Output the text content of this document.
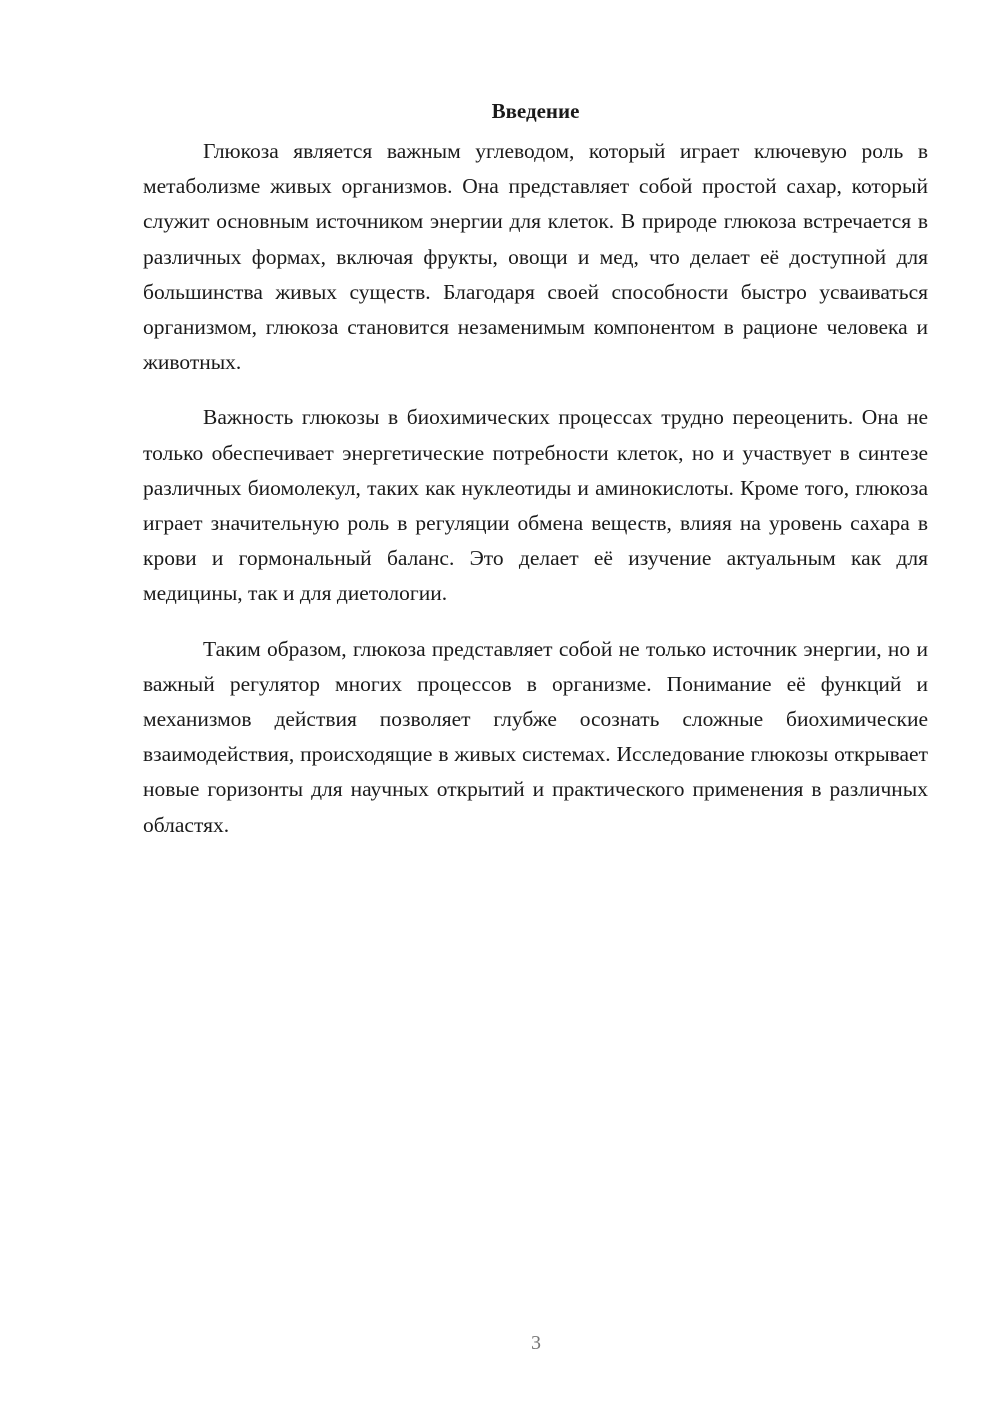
Введение

Глюкоза является важным углеводом, который играет ключевую роль в метаболизме живых организмов. Она представляет собой простой сахар, который служит основным источником энергии для клеток. В природе глюкоза встречается в различных формах, включая фрукты, овощи и мед, что делает её доступной для большинства живых существ. Благодаря своей способности быстро усваиваться организмом, глюкоза становится незаменимым компонентом в рационе человека и животных.

Важность глюкозы в биохимических процессах трудно переоценить. Она не только обеспечивает энергетические потребности клеток, но и участвует в синтезе различных биомолекул, таких как нуклеотиды и аминокислоты. Кроме того, глюкоза играет значительную роль в регуляции обмена веществ, влияя на уровень сахара в крови и гормональный баланс. Это делает её изучение актуальным как для медицины, так и для диетологии.

Таким образом, глюкоза представляет собой не только источник энергии, но и важный регулятор многих процессов в организме. Понимание её функций и механизмов действия позволяет глубже осознать сложные биохимические взаимодействия, происходящие в живых системах. Исследование глюкозы открывает новые горизонты для научных открытий и практического применения в различных областях.

3
